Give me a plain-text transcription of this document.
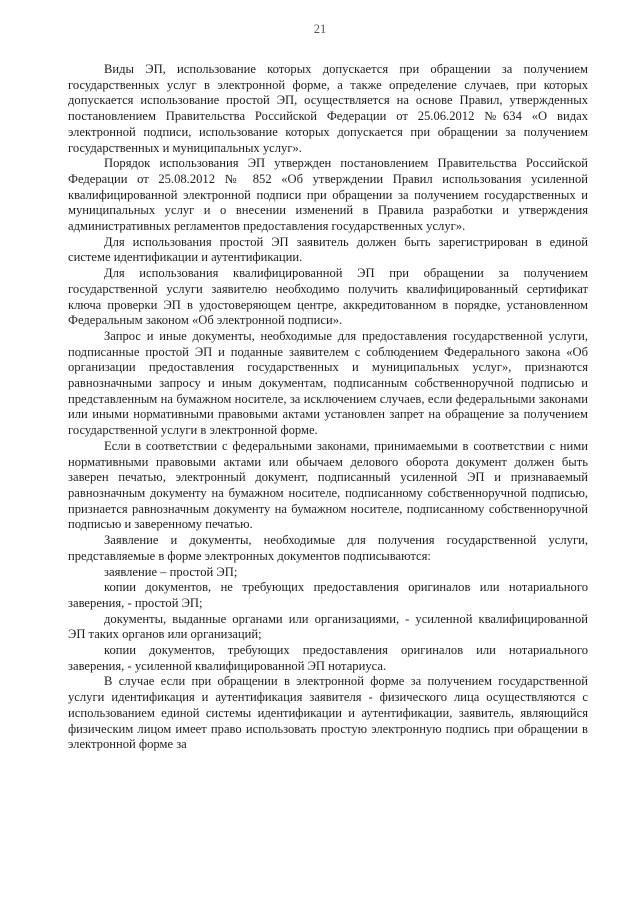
21

Виды ЭП, использование которых допускается при обращении за получением государственных услуг в электронной форме, а также определение случаев, при которых допускается использование простой ЭП, осуществляется на основе Правил, утвержденных постановлением Правительства Российской Федерации от 25.06.2012 №634 «О видах электронной подписи, использование которых допускается при обращении за получением государственных и муниципальных услуг».

Порядок использования ЭП утвержден постановлением Правительства Российской Федерации от 25.08.2012 № 852 «Об утверждении Правил использования усиленной квалифицированной электронной подписи при обращении за получением государственных и муниципальных услуг и о внесении изменений в Правила разработки и утверждения административных регламентов предоставления государственных услуг».

Для использования простой ЭП заявитель должен быть зарегистрирован в единой системе идентификации и аутентификации.

Для использования квалифицированной ЭП при обращении за получением государственной услуги заявителю необходимо получить квалифицированный сертификат ключа проверки ЭП в удостоверяющем центре, аккредитованном в порядке, установленном Федеральным законом «Об электронной подписи».

Запрос и иные документы, необходимые для предоставления государственной услуги, подписанные простой ЭП и поданные заявителем с соблюдением Федерального закона «Об организации предоставления государственных и муниципальных услуг», признаются равнозначными запросу и иным документам, подписанным собственноручной подписью и представленным на бумажном носителе, за исключением случаев, если федеральными законами или иными нормативными правовыми актами установлен запрет на обращение за получением государственной услуги в электронной форме.

Если в соответствии с федеральными законами, принимаемыми в соответствии с ними нормативными правовыми актами или обычаем делового оборота документ должен быть заверен печатью, электронный документ, подписанный усиленной ЭП и признаваемый равнозначным документу на бумажном носителе, подписанному собственноручной подписью, признается равнозначным документу на бумажном носителе, подписанному собственноручной подписью и заверенному печатью.

Заявление и документы, необходимые для получения государственной услуги, представляемые в форме электронных документов подписываются:

заявление – простой ЭП;

копии документов, не требующих предоставления оригиналов или нотариального заверения, - простой ЭП;

документы, выданные органами или организациями, - усиленной квалифицированной ЭП таких органов или организаций;

копии документов, требующих предоставления оригиналов или нотариального заверения, - усиленной квалифицированной ЭП нотариуса.

В случае если при обращении в электронной форме за получением государственной услуги идентификация и аутентификация заявителя - физического лица осуществляются с использованием единой системы идентификации и аутентификации, заявитель, являющийся физическим лицом имеет право использовать простую электронную подпись при обращении в электронной форме за
